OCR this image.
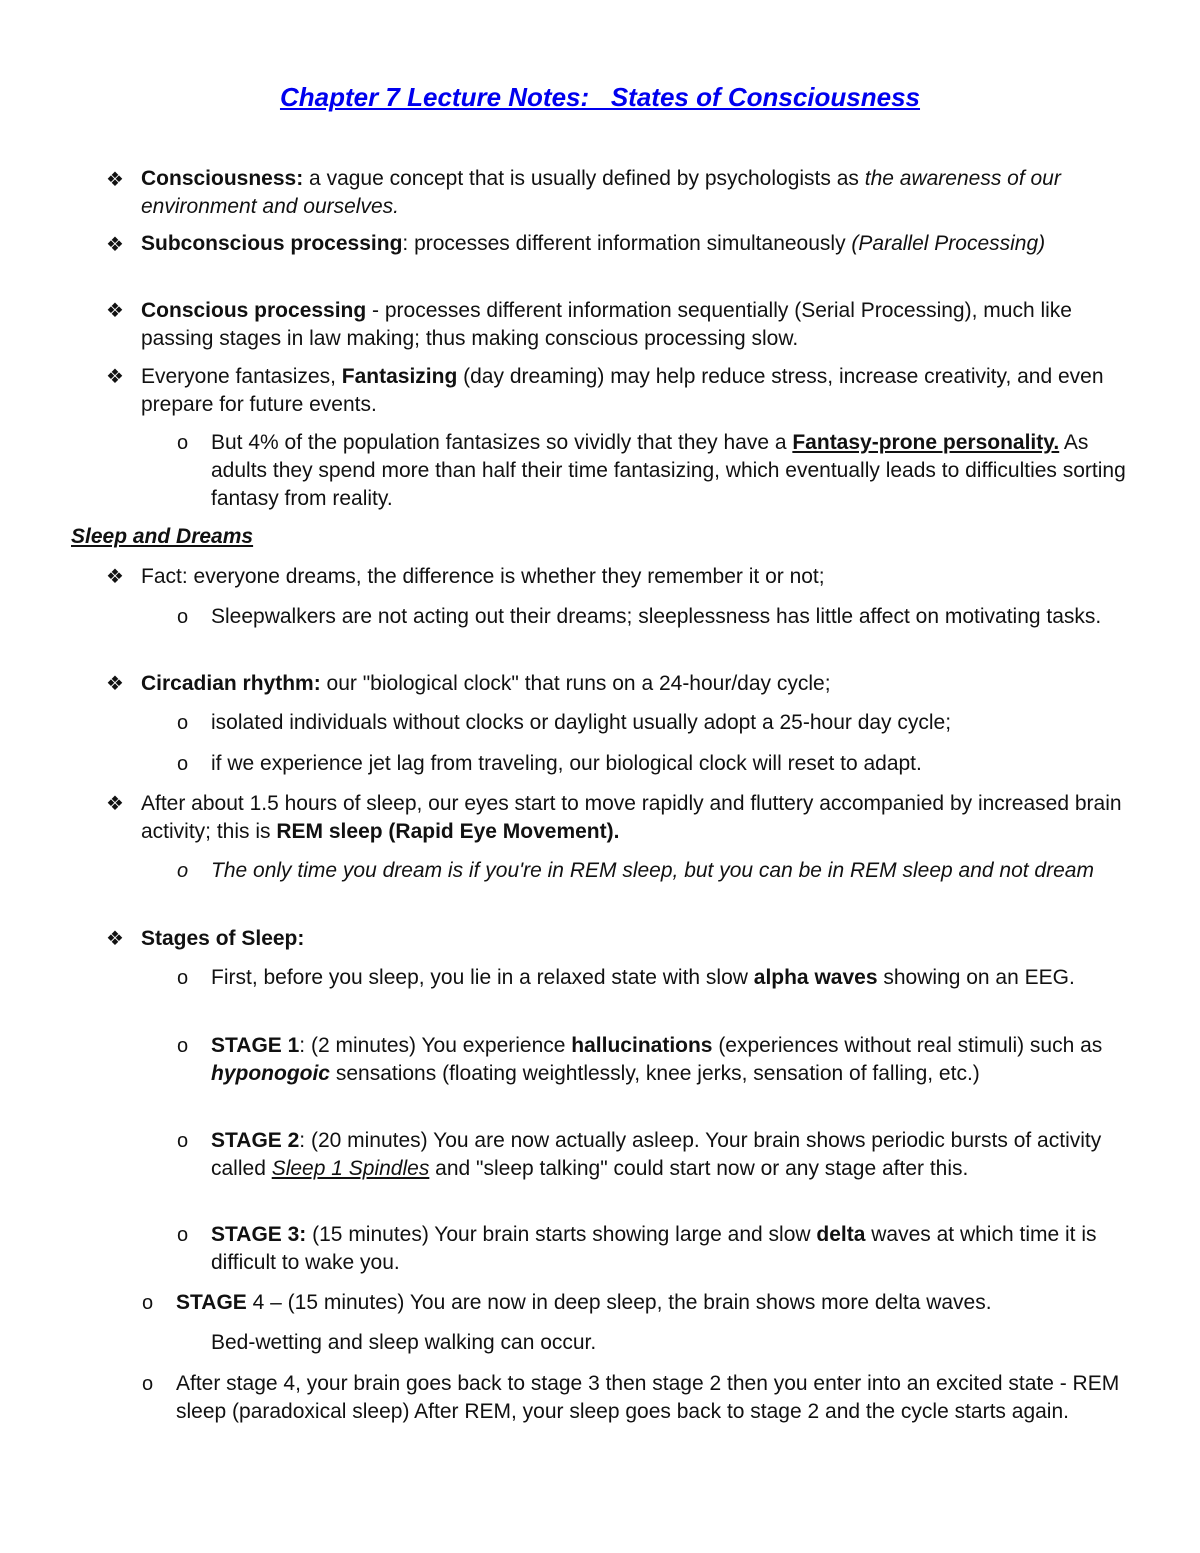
Chapter 7 Lecture Notes:   States of Consciousness
❖ Consciousness: a vague concept that is usually defined by psychologists as the awareness of our environment and ourselves.
❖ Subconscious processing: processes different information simultaneously (Parallel Processing)
❖ Conscious processing - processes different information sequentially (Serial Processing), much like passing stages in law making; thus making conscious processing slow.
❖ Everyone fantasizes, Fantasizing (day dreaming) may help reduce stress, increase creativity, and even prepare for future events.
o But 4% of the population fantasizes so vividly that they have a Fantasy-prone personality. As adults they spend more than half their time fantasizing, which eventually leads to difficulties sorting fantasy from reality.
Sleep and Dreams
❖ Fact: everyone dreams, the difference is whether they remember it or not;
o Sleepwalkers are not acting out their dreams; sleeplessness has little affect on motivating tasks.
❖ Circadian rhythm: our "biological clock" that runs on a 24-hour/day cycle;
o isolated individuals without clocks or daylight usually adopt a 25-hour day cycle;
o if we experience jet lag from traveling, our biological clock will reset to adapt.
❖ After about 1.5 hours of sleep, our eyes start to move rapidly and fluttery accompanied by increased brain activity; this is REM sleep (Rapid Eye Movement).
o The only time you dream is if you're in REM sleep, but you can be in REM sleep and not dream
❖ Stages of Sleep:
o First, before you sleep, you lie in a relaxed state with slow alpha waves showing on an EEG.
o STAGE 1: (2 minutes) You experience hallucinations (experiences without real stimuli) such as hyponogoic sensations (floating weightlessly, knee jerks, sensation of falling, etc.)
o STAGE 2: (20 minutes) You are now actually asleep. Your brain shows periodic bursts of activity called Sleep 1 Spindles and "sleep talking" could start now or any stage after this.
o STAGE 3: (15 minutes) Your brain starts showing large and slow delta waves at which time it is difficult to wake you.
o STAGE 4 – (15 minutes) You are now in deep sleep, the brain shows more delta waves.
Bed-wetting and sleep walking can occur.
o After stage 4, your brain goes back to stage 3 then stage 2 then you enter into an excited state - REM sleep (paradoxical sleep) After REM, your sleep goes back to stage 2 and the cycle starts again.
